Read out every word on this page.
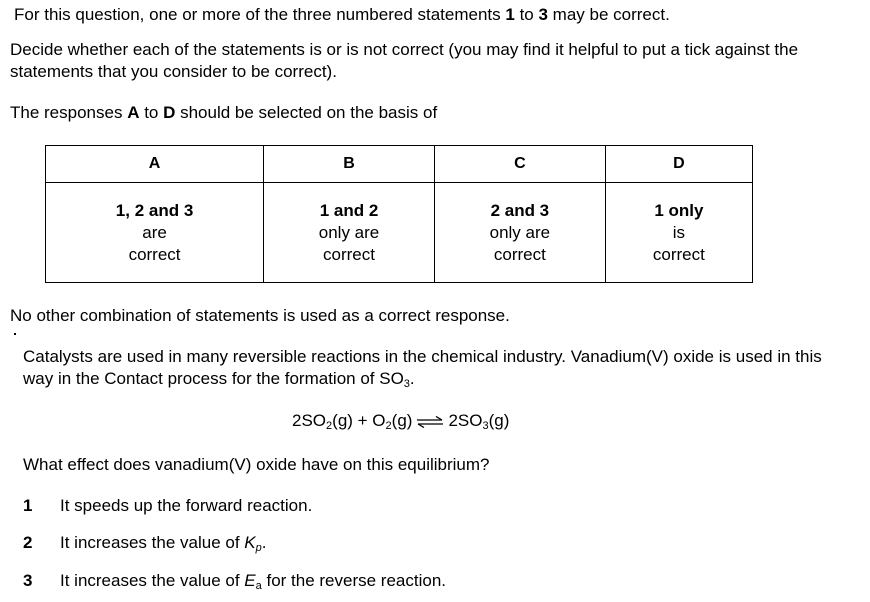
For this question, one or more of the three numbered statements 1 to 3 may be correct.
Decide whether each of the statements is or is not correct (you may find it helpful to put a tick against the statements that you consider to be correct).
The responses A to D should be selected on the basis of
A	B	C	D

1, 2 and 3
are
correct	1 and 2
only are
correct	2 and 3
only are
correct	1 only
is
correct
No other combination of statements is used as a correct response.
Catalysts are used in many reversible reactions in the chemical industry. Vanadium(V) oxide is used in this way in the Contact process for the formation of $SO_3$.
$2SO_2(g) + O_2(g)$ ⇌ $2SO_3(g)$
What effect does vanadium(V) oxide have on this equilibrium?
1 It speeds up the forward reaction.
2 It increases the value of $K_p$.
3 It increases the value of $E_a$ for the reverse reaction.
